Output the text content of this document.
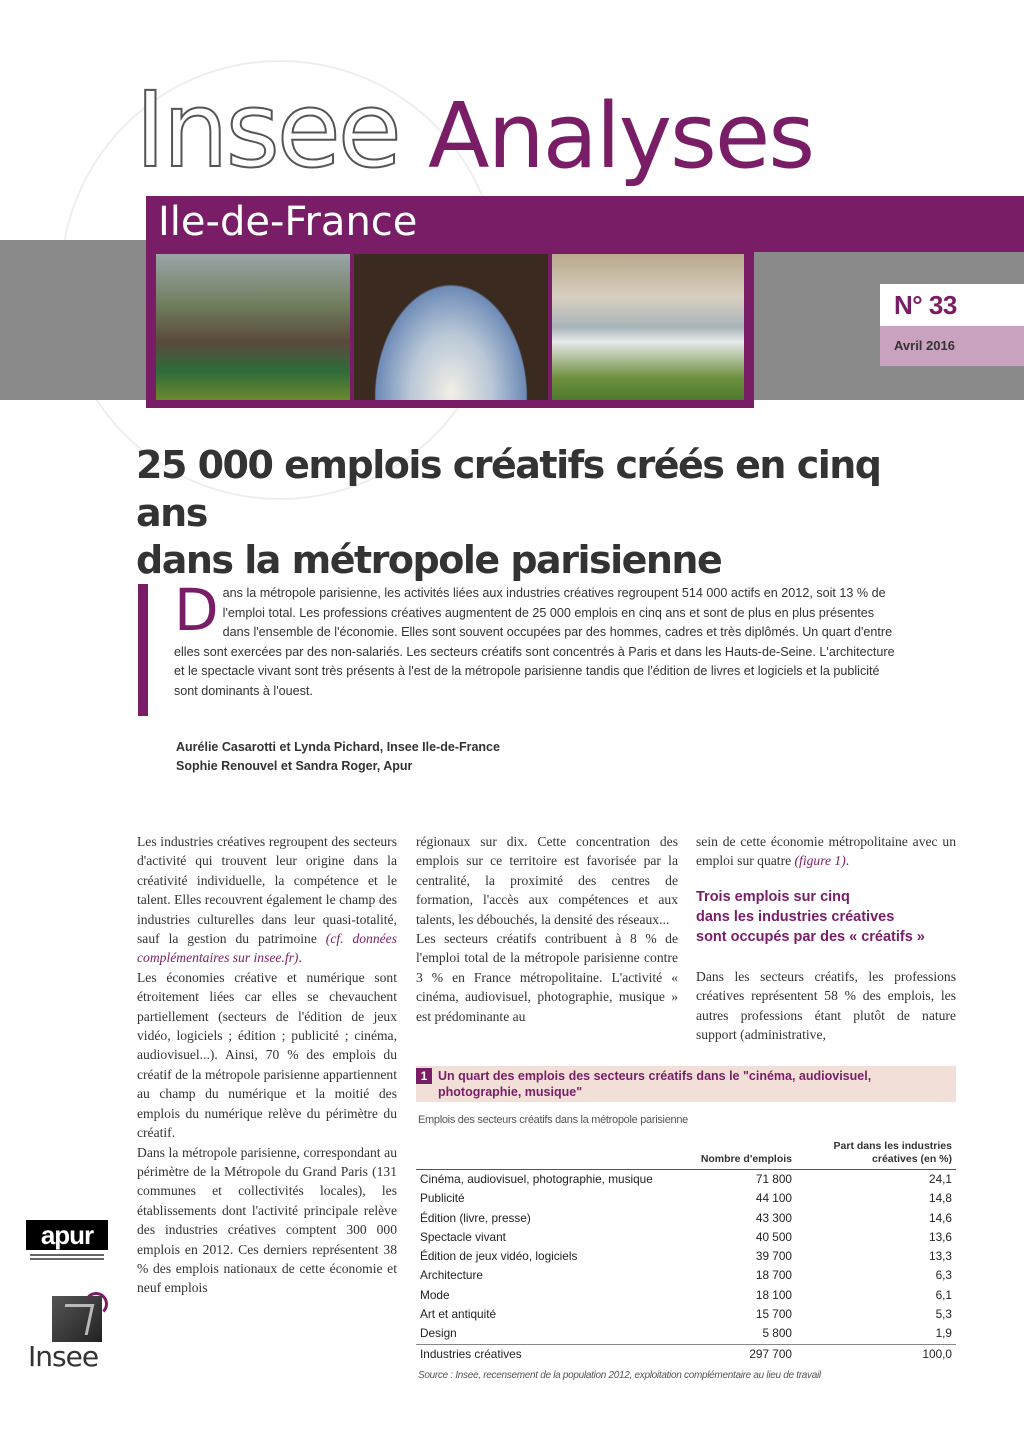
Insee Analyses
Ile-de-France
N° 33
Avril 2016
25 000 emplois créatifs créés en cinq ans
dans la métropole parisienne
Dans la métropole parisienne, les activités liées aux industries créatives regroupent 514 000 actifs en 2012, soit 13 % de l'emploi total. Les professions créatives augmentent de 25 000 emplois en cinq ans et sont de plus en plus présentes dans l'ensemble de l'économie. Elles sont souvent occupées par des hommes, cadres et très diplômés. Un quart d'entre elles sont exercées par des non-salariés. Les secteurs créatifs sont concentrés à Paris et dans les Hauts-de-Seine. L'architecture et le spectacle vivant sont très présents à l'est de la métropole parisienne tandis que l'édition de livres et logiciels et la publicité sont dominants à l'ouest.
Aurélie Casarotti et Lynda Pichard, Insee Ile-de-France
Sophie Renouvel et Sandra Roger, Apur

Les industries créatives regroupent des secteurs d'activité qui trouvent leur origine dans la créativité individuelle, la compétence et le talent. Elles recouvrent également le champ des industries culturelles dans leur quasi-totalité, sauf la gestion du patrimoine (cf. données complémentaires sur insee.fr).

Les économies créative et numérique sont étroitement liées car elles se chevauchent partiellement (secteurs de l'édition de jeux vidéo, logiciels ; édition ; publicité ; cinéma, audiovisuel...). Ainsi, 70 % des emplois du créatif de la métropole parisienne appartiennent au champ du numérique et la moitié des emplois du numérique relève du périmètre du créatif.

Dans la métropole parisienne, correspondant au périmètre de la Métropole du Grand Paris (131 communes et collectivités locales), les établissements dont l'activité principale relève des industries créatives comptent 300 000 emplois en 2012. Ces derniers représentent 38 % des emplois nationaux de cette économie et neuf emplois

régionaux sur dix. Cette concentration des emplois sur ce territoire est favorisée par la centralité, la proximité des centres de formation, l'accès aux compétences et aux talents, les débouchés, la densité des réseaux...

Les secteurs créatifs contribuent à 8 % de l'emploi total de la métropole parisienne contre 3 % en France métropolitaine. L'activité « cinéma, audiovisuel, photographie, musique » est prédominante au

sein de cette économie métropolitaine avec un emploi sur quatre (figure 1).

Trois emplois sur cinq
dans les industries créatives
sont occupés par des « créatifs »

Dans les secteurs créatifs, les professions créatives représentent 58 % des emplois, les autres professions étant plutôt de nature support (administrative,

1 Un quart des emplois des secteurs créatifs dans le "cinéma, audiovisuel,
photographie, musique"
Emplois des secteurs créatifs dans la métropole parisienne
	Nombre d'emplois	Part dans les industries
créatives (en %)
Cinéma, audiovisuel, photographie, musique	71 800	24,1
Publicité	44 100	14,8
Édition (livre, presse)	43 300	14,6
Spectacle vivant	40 500	13,6
Édition de jeux vidéo, logiciels	39 700	13,3
Architecture	18 700	6,3
Mode	18 100	6,1
Art et antiquité	15 700	5,3
Design	5 800	1,9
Industries créatives	297 700	100,0
Source : Insee, recensement de la population 2012, exploitation complémentaire au lieu de travail
apur
Insee
